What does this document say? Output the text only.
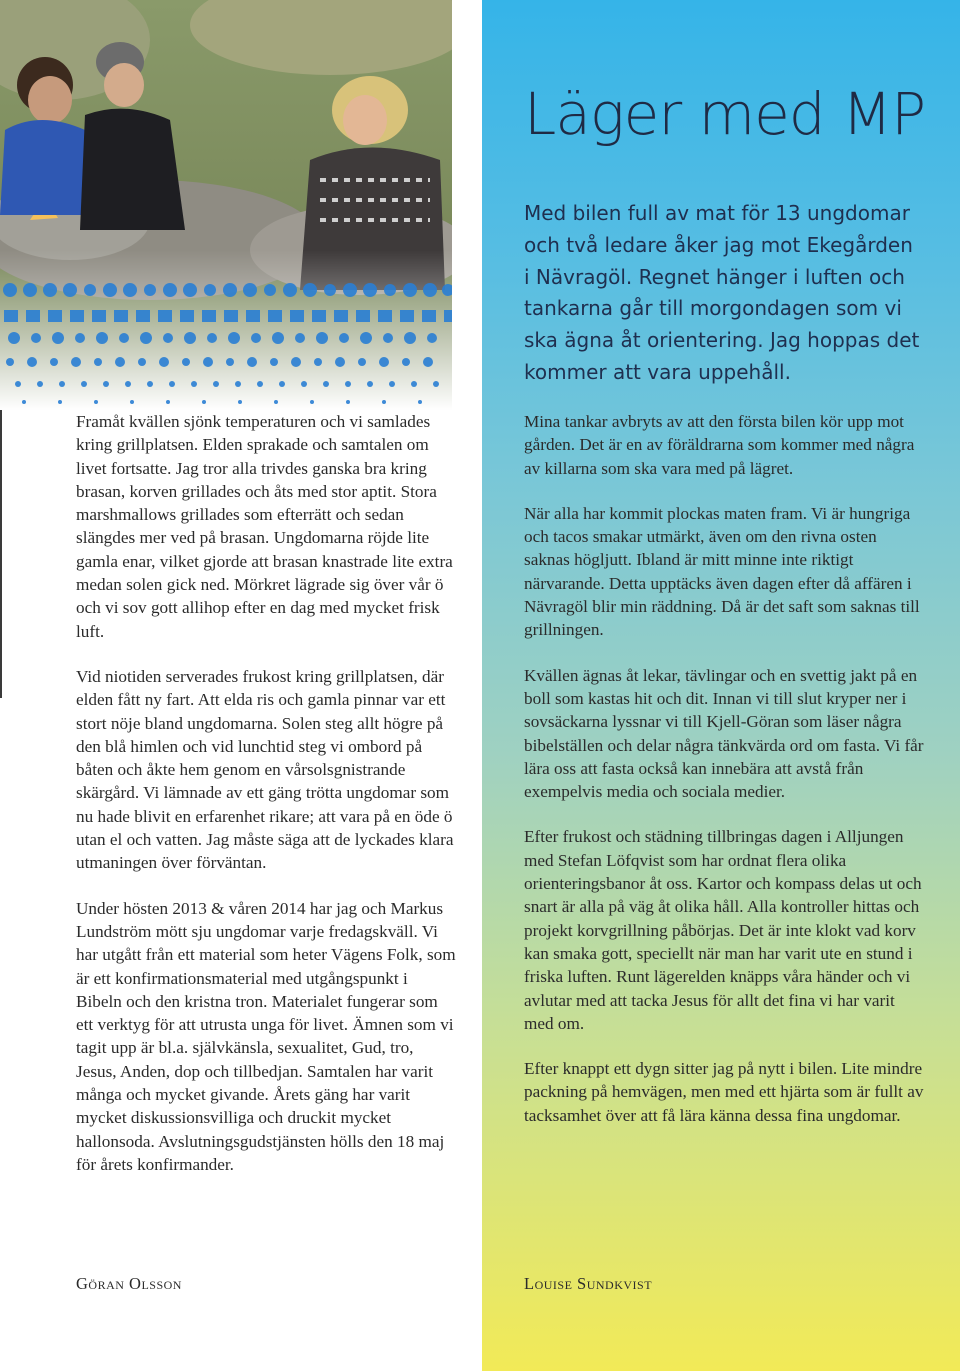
Framåt kvällen sjönk temperaturen och vi samlades kring grillplatsen. Elden sprakade och samtalen om livet fortsatte. Jag tror alla trivdes ganska bra kring brasan, korven grillades och åts med stor aptit. Stora marshmallows grillades som efterrätt och sedan slängdes mer ved på brasan. Ungdomarna röjde lite gamla enar, vilket gjorde att brasan knastrade lite extra medan solen gick ned. Mörkret lägrade sig över vår ö och vi sov gott allihop efter en dag med mycket frisk luft.

Vid niotiden serverades frukost kring grillplatsen, där elden fått ny fart. Att elda ris och gamla pinnar var ett stort nöje bland ungdomarna. Solen steg allt högre på den blå himlen och vid lunchtid steg vi ombord på båten och åkte hem genom en vårsolsgnistrande skärgård. Vi lämnade av ett gäng trötta ungdomar som nu hade blivit en erfarenhet rikare; att vara på en öde ö utan el och vatten. Jag måste säga att de lyckades klara utmaningen över förväntan.

Under hösten 2013 & våren 2014 har jag och Markus Lundström mött sju ungdomar varje fredagskväll. Vi har utgått från ett material som heter Vägens Folk, som är ett konfirmationsmaterial med utgångspunkt i Bibeln och den kristna tron. Materialet fungerar som ett verktyg för att utrusta unga för livet. Ämnen som vi tagit upp är bl.a. självkänsla, sexualitet, Gud, tro, Jesus, Anden, dop och tillbedjan. Samtalen har varit många och mycket givande. Årets gäng har varit mycket diskussionsvilliga och druckit mycket hallonsoda. Avslutningsgudstjänsten hölls den 18 maj för årets konfirmander.

Göran Olsson
Läger med MP

Med bilen full av mat för 13 ungdomar och två ledare åker jag mot Ekegården i Nävragöl. Regnet hänger i luften och tankarna går till morgondagen som vi ska ägna åt orientering. Jag hoppas det kommer att vara uppehåll.

Mina tankar avbryts av att den första bilen kör upp mot gården. Det är en av föräldrarna som kommer med några av killarna som ska vara med på lägret.

När alla har kommit plockas maten fram. Vi är hungriga och tacos smakar utmärkt, även om den rivna osten saknas högljutt. Ibland är mitt minne inte riktigt närvarande. Detta upptäcks även dagen efter då affären i Nävragöl blir min räddning. Då är det saft som saknas till grillningen.

Kvällen ägnas åt lekar, tävlingar och en svettig jakt på en boll som kastas hit och dit. Innan vi till slut kryper ner i sovsäckarna lyssnar vi till Kjell-Göran som läser några bibelställen och delar några tänkvärda ord om fasta. Vi får lära oss att fasta också kan innebära att avstå från exempelvis media och sociala medier.

Efter frukost och städning tillbringas dagen i Alljungen med Stefan Löfqvist som har ordnat flera olika orienteringsbanor åt oss. Kartor och kompass delas ut och snart är alla på väg åt olika håll. Alla kontroller hittas och projekt korvgrillning påbörjas. Det är inte klokt vad korv kan smaka gott, speciellt när man har varit ute en stund i friska luften. Runt lägerelden knäpps våra händer och vi avlutar med att tacka Jesus för allt det fina vi har varit med om.

Efter knappt ett dygn sitter jag på nytt i bilen. Lite mindre packning på hemvägen, men med ett hjärta som är fullt av tacksamhet över att få lära känna dessa fina ungdomar.

Louise Sundkvist
